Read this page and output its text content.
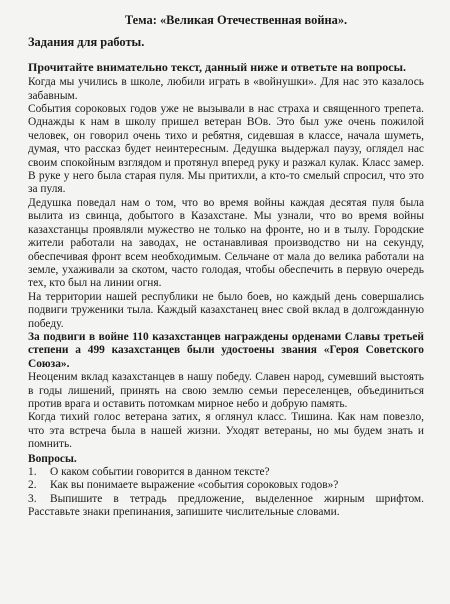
Тема: «Великая Отечественная война».
Задания для работы.
Прочитайте внимательно текст, данный ниже и ответьте на вопросы.

Когда мы учились в школе, любили играть в «войнушки». Для нас это казалось забавным.

События сороковых годов уже не вызывали в нас страха и священного трепета. Однажды к нам в школу пришел ветеран ВОв. Это был уже очень пожилой человек, он говорил очень тихо и ребятня, сидевшая в классе, начала шуметь, думая, что рассказ будет неинтересным. Дедушка выдержал паузу, оглядел нас своим спокойным взглядом и протянул вперед руку и разжал кулак. Класс замер. В руке у него была старая пуля. Мы притихли, а кто-то смелый спросил, что это за пуля.

Дедушка поведал нам о том, что во время войны каждая десятая пуля была вылита из свинца, добытого в Казахстане. Мы узнали, что во время войны казахстанцы проявляли мужество не только на фронте, но и в тылу. Городские жители работали на заводах, не останавливая производство ни на секунду, обеспечивая фронт всем необходимым. Сельчане от мала до велика работали на земле, ухаживали за скотом, часто голодая, чтобы обеспечить в первую очередь тех, кто был на линии огня.

На территории нашей республики не было боев, но каждый день совершались подвиги труженики тыла. Каждый казахстанец внес свой вклад в долгожданную победу.

За подвиги в войне 110 казахстанцев награждены орденами Славы третьей степени а 499 казахстанцев были удостоены звания «Героя Советского Союза».

Неоценим вклад казахстанцев в нашу победу. Славен народ, сумевший выстоять в годы лишений, принять на свою землю семьи переселенцев, объединиться против врага и оставить потомкам мирное небо и добрую память.

Когда тихий голос ветерана затих, я оглянул класс. Тишина. Как нам повезло, что эта встреча была в нашей жизни. Уходят ветераны, но мы будем знать и помнить.

Вопросы.
1. О каком событии говорится в данном тексте?
2. Как вы понимаете выражение «события сороковых годов»?
3. Выпишите в тетрадь предложение, выделенное жирным шрифтом. Расставьте знаки препинания, запишите числительные словами.
